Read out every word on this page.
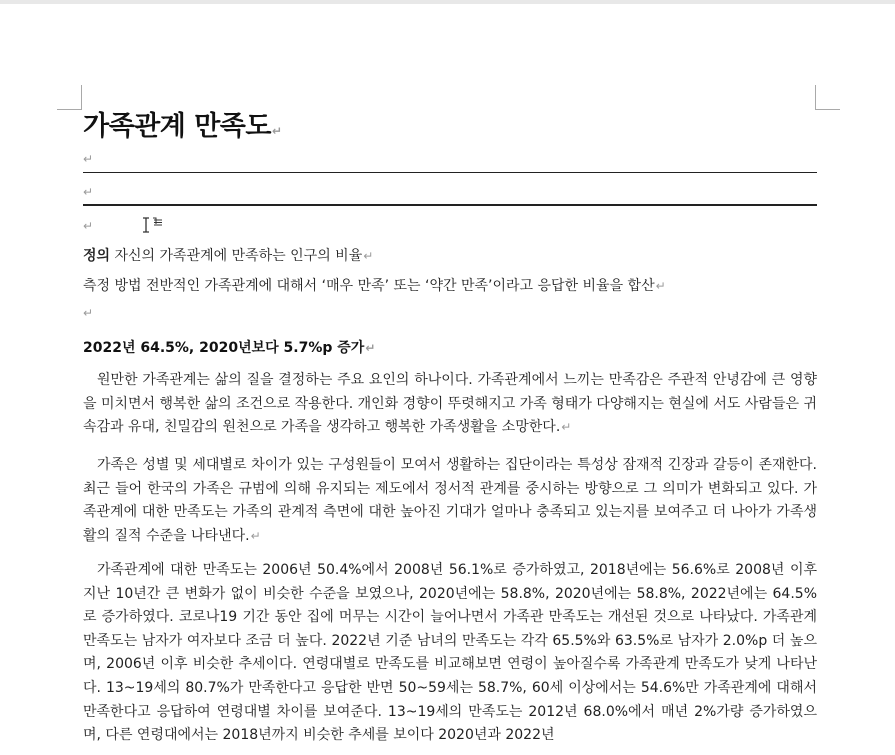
가족관계 만족도↵
↵
↵
↵
정의 자신의 가족관계에 만족하는 인구의 비율↵
측정 방법 전반적인 가족관계에 대해서 ‘매우 만족’ 또는 ‘약간 만족’이라고 응답한 비율을 합산↵
↵
2022년 64.5%, 2020년보다 5.7%p 증가↵
원만한 가족관계는 삶의 질을 결정하는 주요 요인의 하나이다. 가족관계에서 느끼는 만족감은 주관적 안녕감에 큰 영향을 미치면서 행복한 삶의 조건으로 작용한다. 개인화 경향이 뚜렷해지고 가족 형태가 다양해지는 현실에 서도 사람들은 귀속감과 유대, 친밀감의 원천으로 가족을 생각하고 행복한 가족생활을 소망한다.↵
가족은 성별 및 세대별로 차이가 있는 구성원들이 모여서 생활하는 집단이라는 특성상 잠재적 긴장과 갈등이 존재한다. 최근 들어 한국의 가족은 규범에 의해 유지되는 제도에서 정서적 관계를 중시하는 방향으로 그 의미가 변화되고 있다. 가족관계에 대한 만족도는 가족의 관계적 측면에 대한 높아진 기대가 얼마나 충족되고 있는지를 보여주고 더 나아가 가족생활의 질적 수준을 나타낸다.↵
가족관계에 대한 만족도는 2006년 50.4%에서 2008년 56.1%로 증가하였고, 2018년에는 56.6%로 2008년 이후 지난 10년간 큰 변화가 없이 비슷한 수준을 보였으나, 2020년에는 58.8%, 2020년에는 58.8%, 2022년에는 64.5%로 증가하였다. 코로나19 기간 동안 집에 머무는 시간이 늘어나면서 가족관 만족도는 개선된 것으로 나타났다. 가족관계 만족도는 남자가 여자보다 조금 더 높다. 2022년 기준 남녀의 만족도는 각각 65.5%와 63.5%로 남자가 2.0%p 더 높으며, 2006년 이후 비슷한 추세이다. 연령대별로 만족도를 비교해보면 연령이 높아질수록 가족관계 만족도가 낮게 나타난다. 13~19세의 80.7%가 만족한다고 응답한 반면 50~59세는 58.7%, 60세 이상에서는 54.6%만 가족관계에 대해서 만족한다고 응답하여 연령대별 차이를 보여준다. 13~19세의 만족도는 2012년 68.0%에서 매년 2%가량 증가하였으며, 다른 연령대에서는 2018년까지 비슷한 추세를 보이다 2020년과 2022년
